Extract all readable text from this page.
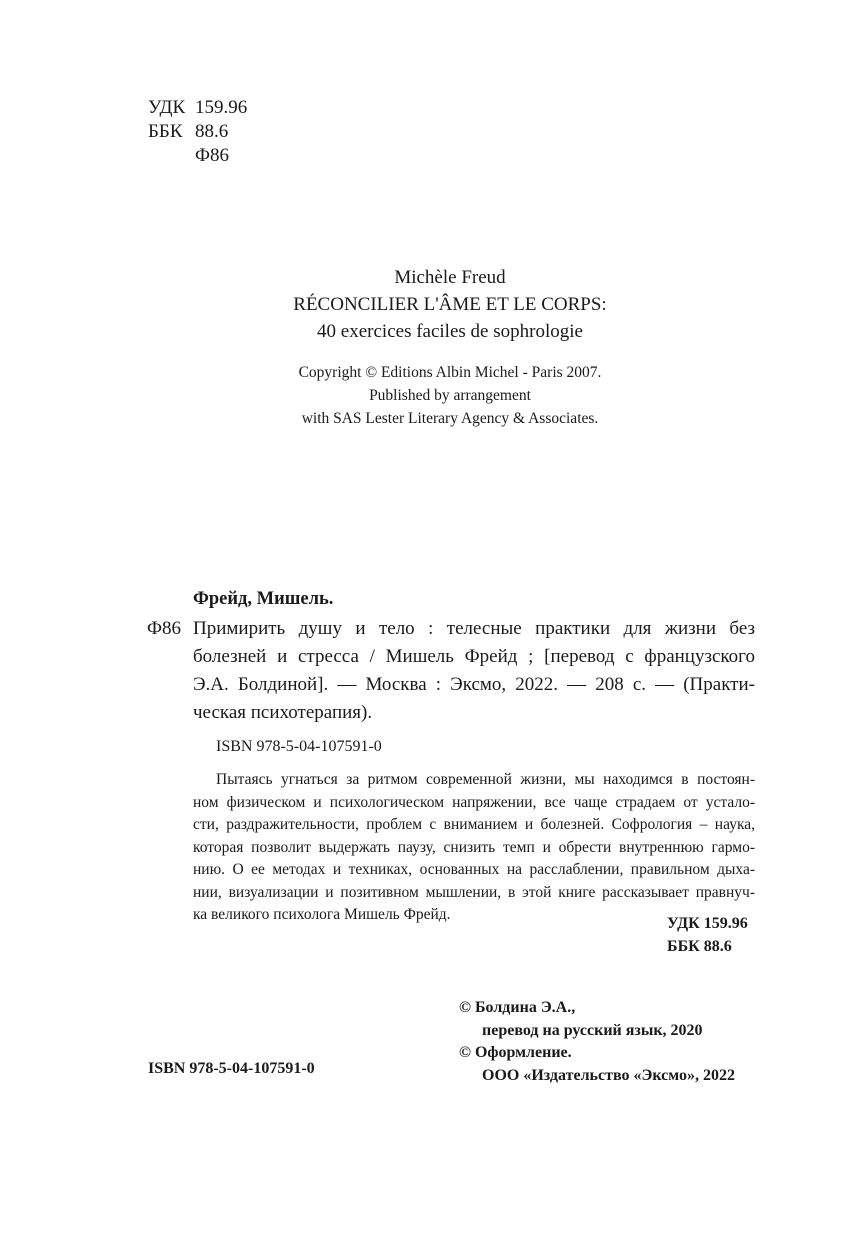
УДК 159.96
ББК 88.6
Ф86
Michèle Freud
RÉCONCILIER L'ÂME ET LE CORPS:
40 exercices faciles de sophrologie
Copyright © Editions Albin Michel - Paris 2007.
Published by arrangement
with SAS Lester Literary Agency & Associates.
Фрейд, Мишель.
Ф86 Примирить душу и тело : телесные практики для жизни без
болезней и стресса / Мишель Фрейд ; [перевод с французского
Э.А. Болдиной]. — Москва : Эксмо, 2022. — 208 с. — (Практи-
ческая психотерапия).
ISBN 978-5-04-107591-0
Пытаясь угнаться за ритмом современной жизни, мы находимся в постоян-
ном физическом и психологическом напряжении, все чаще страдаем от устало-
сти, раздражительности, проблем с вниманием и болезней. Софрология – наука,
которая позволит выдержать паузу, снизить темп и обрести внутреннюю гармо-
нию. О ее методах и техниках, основанных на расслаблении, правильном дыха-
нии, визуализации и позитивном мышлении, в этой книге рассказывает правнуч-
ка великого психолога Мишель Фрейд.
УДК 159.96
ББК 88.6
© Болдина Э.А.,
перевод на русский язык, 2020
© Оформление.
ООО «Издательство «Эксмо», 2022
ISBN 978-5-04-107591-0
